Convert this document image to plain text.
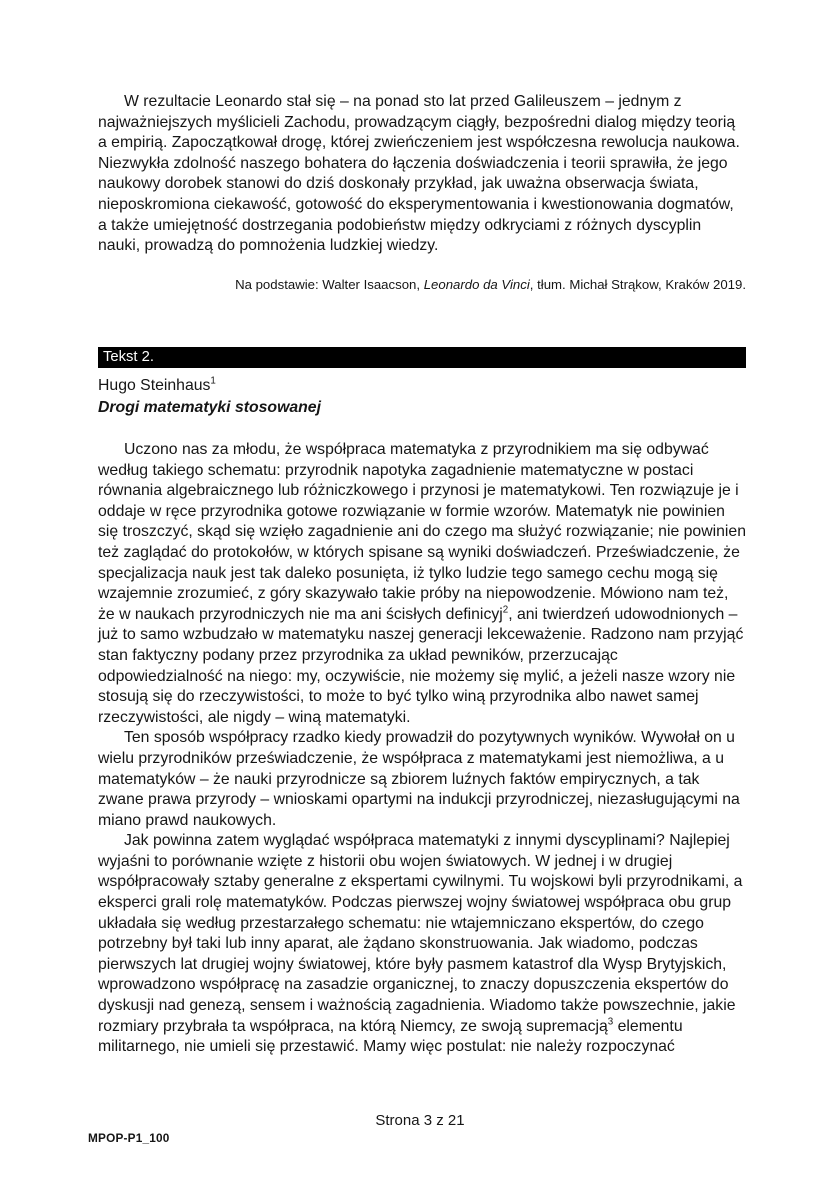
W rezultacie Leonardo stał się – na ponad sto lat przed Galileuszem – jednym z najważniejszych myślicieli Zachodu, prowadzącym ciągły, bezpośredni dialog między teorią a empirią. Zapoczątkował drogę, której zwieńczeniem jest współczesna rewolucja naukowa. Niezwykła zdolność naszego bohatera do łączenia doświadczenia i teorii sprawiła, że jego naukowy dorobek stanowi do dziś doskonały przykład, jak uważna obserwacja świata, nieposkromiona ciekawość, gotowość do eksperymentowania i kwestionowania dogmatów, a także umiejętność dostrzegania podobieństw między odkryciami z różnych dyscyplin nauki, prowadzą do pomnożenia ludzkiej wiedzy.

Na podstawie: Walter Isaacson, Leonardo da Vinci, tłum. Michał Strąkow, Kraków 2019.
Tekst 2.
Hugo Steinhaus$^1$
Drogi matematyki stosowanej

Uczono nas za młodu, że współpraca matematyka z przyrodnikiem ma się odbywać według takiego schematu: przyrodnik napotyka zagadnienie matematyczne w postaci równania algebraicznego lub różniczkowego i przynosi je matematykowi. Ten rozwiązuje je i oddaje w ręce przyrodnika gotowe rozwiązanie w formie wzorów. Matematyk nie powinien się troszczyć, skąd się wzięło zagadnienie ani do czego ma służyć rozwiązanie; nie powinien też zaglądać do protokołów, w których spisane są wyniki doświadczeń. Przeświadczenie, że specjalizacja nauk jest tak daleko posunięta, iż tylko ludzie tego samego cechu mogą się wzajemnie zrozumieć, z góry skazywało takie próby na niepowodzenie. Mówiono nam też, że w naukach przyrodniczych nie ma ani ścisłych definicyj$^2$, ani twierdzeń udowodnionych – już to samo wzbudzało w matematyku naszej generacji lekceważenie. Radzono nam przyjąć stan faktyczny podany przez przyrodnika za układ pewników, przerzucając odpowiedzialność na niego: my, oczywiście, nie możemy się mylić, a jeżeli nasze wzory nie stosują się do rzeczywistości, to może to być tylko winą przyrodnika albo nawet samej rzeczywistości, ale nigdy – winą matematyki.

Ten sposób współpracy rzadko kiedy prowadził do pozytywnych wyników. Wywołał on u wielu przyrodników przeświadczenie, że współpraca z matematykami jest niemożliwa, a u matematyków – że nauki przyrodnicze są zbiorem luźnych faktów empirycznych, a tak zwane prawa przyrody – wnioskami opartymi na indukcji przyrodniczej, niezasługującymi na miano prawd naukowych.

Jak powinna zatem wyglądać współpraca matematyki z innymi dyscyplinami? Najlepiej wyjaśni to porównanie wzięte z historii obu wojen światowych. W jednej i w drugiej współpracowały sztaby generalne z ekspertami cywilnymi. Tu wojskowi byli przyrodnikami, a eksperci grali rolę matematyków. Podczas pierwszej wojny światowej współpraca obu grup układała się według przestarzałego schematu: nie wtajemniczano ekspertów, do czego potrzebny był taki lub inny aparat, ale żądano skonstruowania. Jak wiadomo, podczas pierwszych lat drugiej wojny światowej, które były pasmem katastrof dla Wysp Brytyjskich, wprowadzono współpracę na zasadzie organicznej, to znaczy dopuszczenia ekspertów do dyskusji nad genezą, sensem i ważnością zagadnienia. Wiadomo także powszechnie, jakie rozmiary przybrała ta współpraca, na którą Niemcy, ze swoją supremacją$^3$ elementu militarnego, nie umieli się przestawić. Mamy więc postulat: nie należy rozpoczynać

Strona 3 z 21
MPOP-P1_100
